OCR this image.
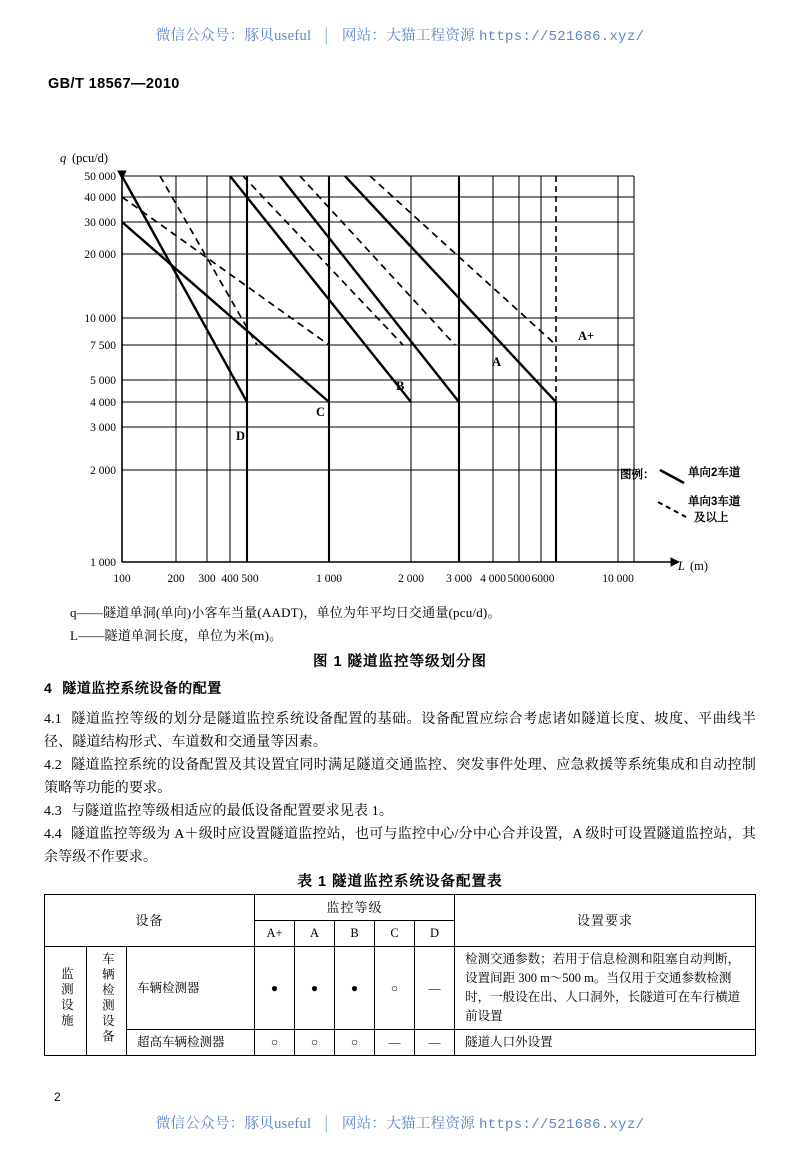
微信公众号：豚贝useful │ 网站：大猫工程资源 https://521686.xyz/
GB/T 18567—2010
q (pcu/d)
L (m)
50 000
40 000
30 000
20 000
10 000
7 500
5 000
4 000
3 000
2 000
1 000
100	200 300 400 500	1 000	2 000 3 000 4 000 5000 6000	10 000
D
C
B
A
A+
图例：	单向2车道
单向3车道
及以上
q——隧道单洞(单向)小客车当量(AADT)，单位为年平均日交通量(pcu/d)。
L——隧道单洞长度，单位为米(m)。
图 1 隧道监控等级划分图
4 隧道监控系统设备的配置

4.1 隧道监控等级的划分是隧道监控系统设备配置的基础。设备配置应综合考虑诸如隧道长度、坡度、平曲线半径、隧道结构形式、车道数和交通量等因素。

4.2 隧道监控系统的设备配置及其设置宜同时满足隧道交通监控、突发事件处理、应急救援等系统集成和自动控制策略等功能的要求。

4.3 与隧道监控等级相适应的最低设备配置要求见表 1。

4.4 隧道监控等级为 A＋级时应设置隧道监控站，也可与监控中心/分中心合并设置，A 级时可设置隧道监控站，其余等级不作要求。

表 1 隧道监控系统设备配置表
设备			监控等级					设置要求
			A+	A	B	C	D	
监测设施	车辆检测设备	车辆检测器	●	●	●	○	—	检测交通参数；若用于信息检测和阻塞自动判断，设置间距 300 m～500 m。当仅用于交通参数检测时，一般设在出、人口洞外，长隧道可在车行横道前设置
		超高车辆检测器	○	○	○	—	—	隧道人口外设置
2
微信公众号：豚贝useful │ 网站：大猫工程资源 https://521686.xyz/
